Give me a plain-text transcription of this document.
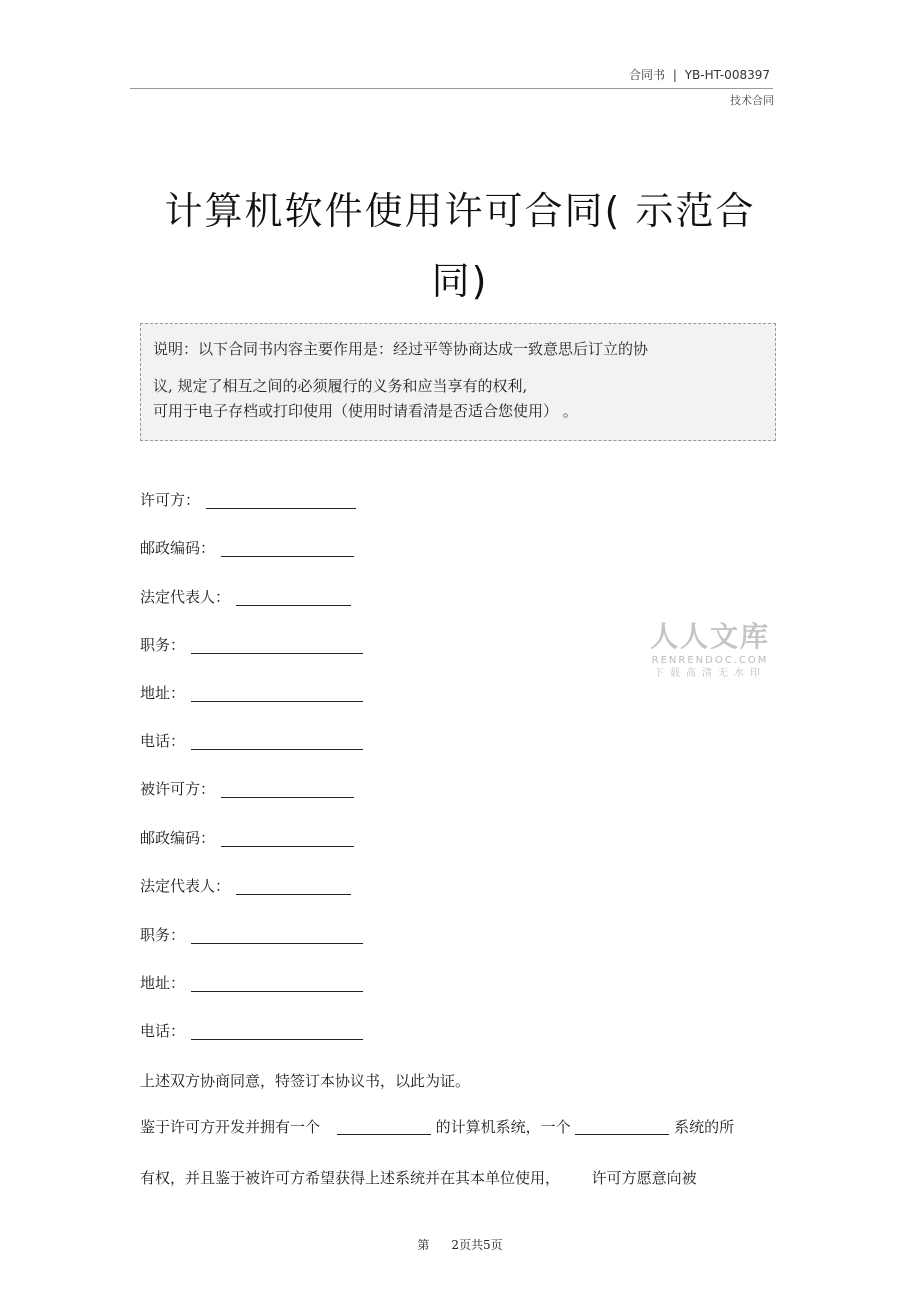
合同书 | YB-HT-008397
技术合同
计算机软件使用许可合同( 示范合
同)

说明：以下合同书内容主要作用是：经过平等协商达成一致意思后订立的协

议, 规定了相互之间的必须履行的义务和应当享有的权利,

可用于电子存档或打印使用（使用时请看清是否适合您使用） 。

人人文库
RENRENDOC.COM
下载高清无水印
许可方：
邮政编码：
法定代表人：
职务：
地址：
电话：
被许可方：
邮政编码：
法定代表人：
职务：
地址：
电话：
上述双方协商同意，特签订本协议书，以此为证。
鉴于许可方开发并拥有一个	的计算机系统，一个	系统的所
有权，并且鉴于被许可方希望获得上述系统并在其本单位使用， 许可方愿意向被
第 2页共5页
